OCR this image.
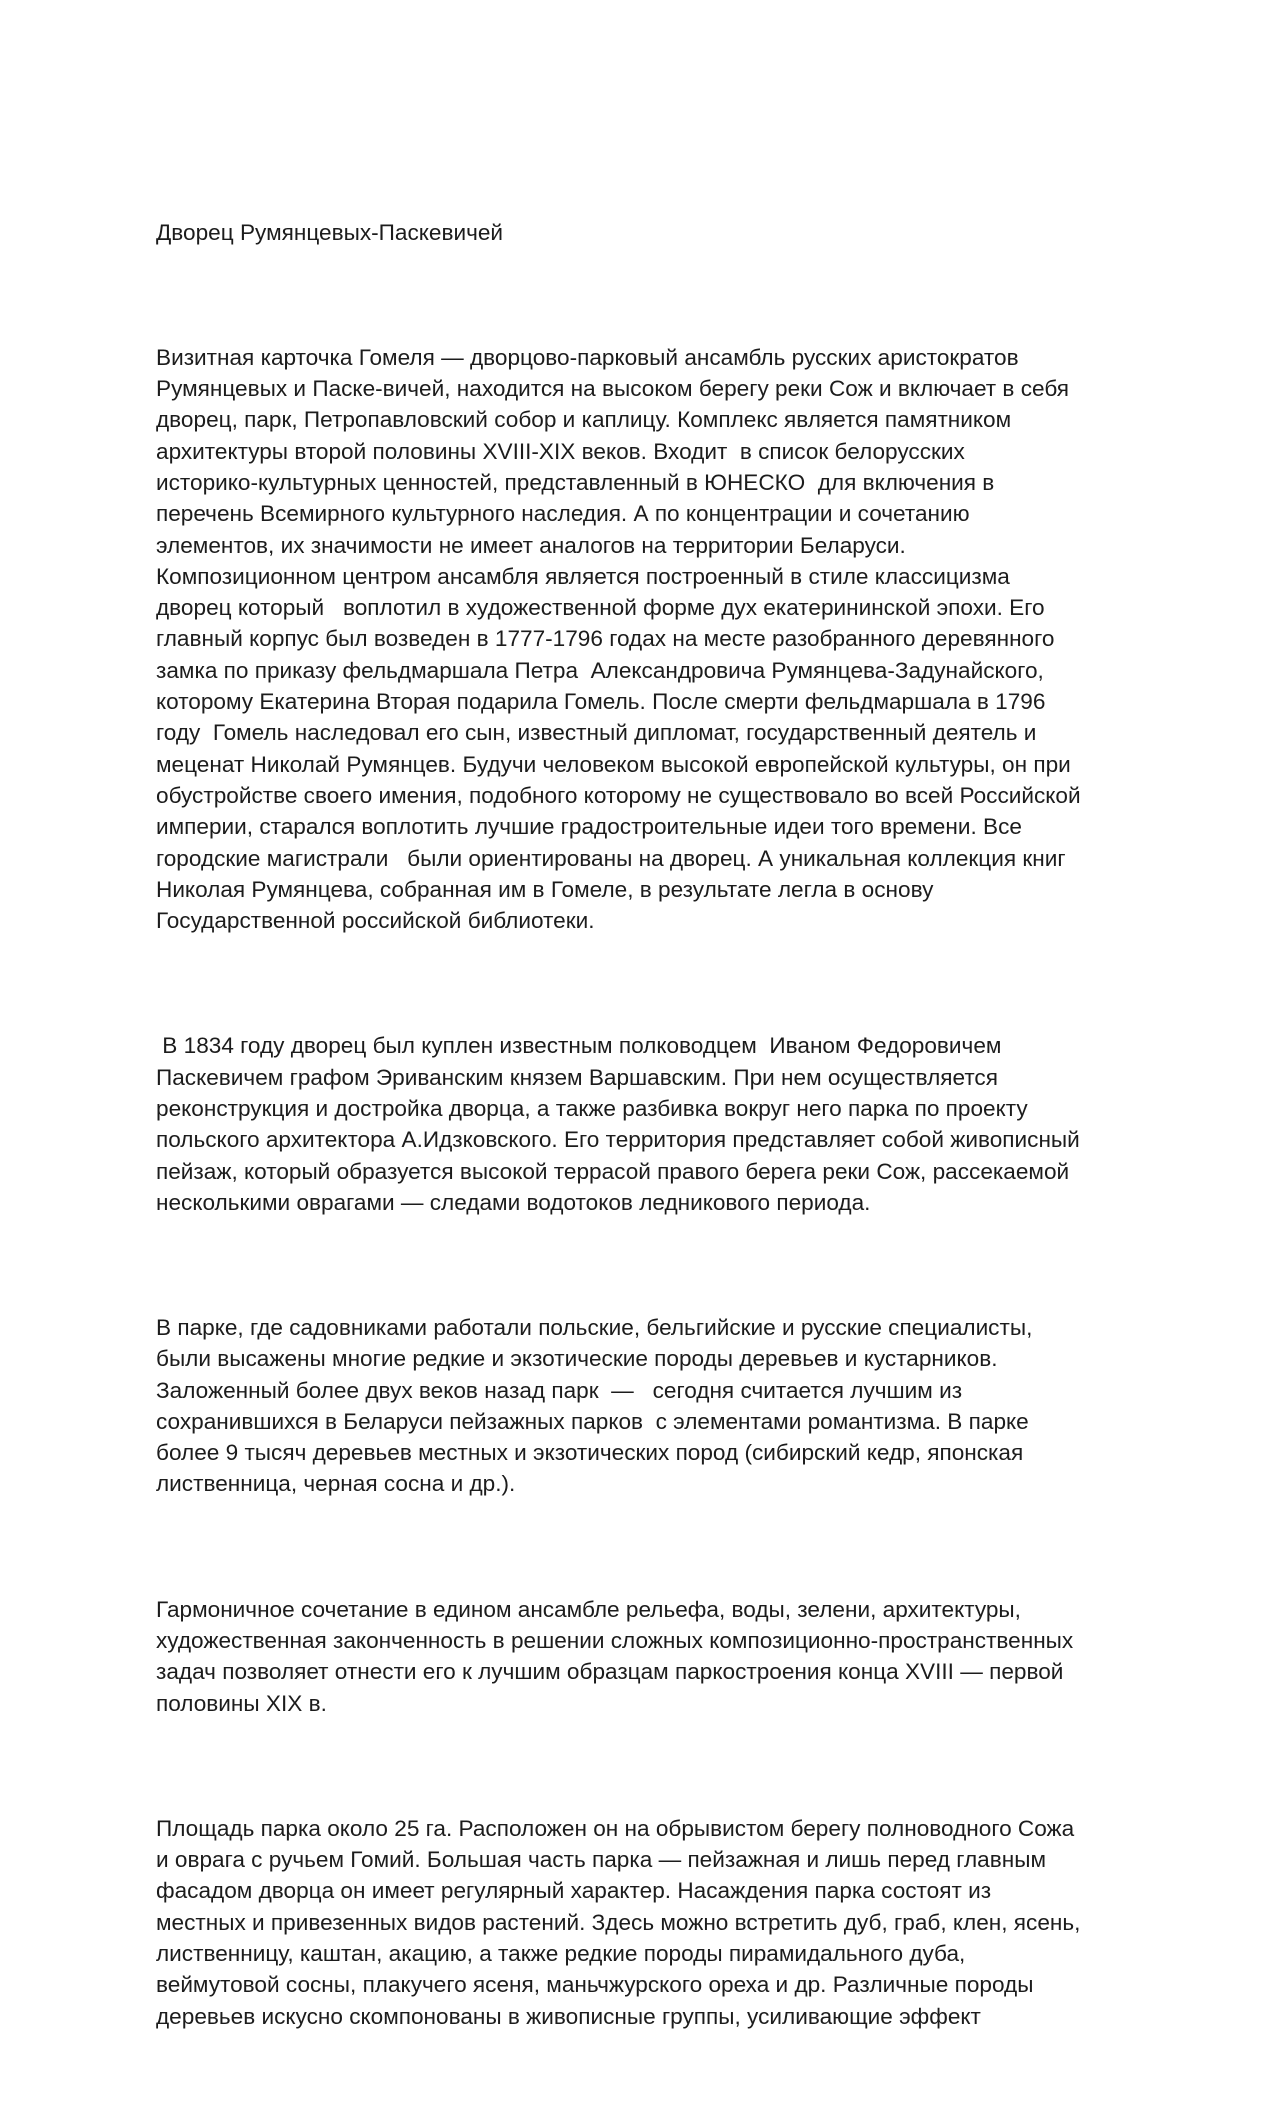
Дворец Румянцевых-Паскевичей

Визитная карточка Гомеля — дворцово-парковый ансамбль русских аристократов
Румянцевых и Паске-вичей, находится на высоком берегу реки Сож и включает в себя
дворец, парк, Петропавловский собор и каплицу. Комплекс является памятником
архитектуры второй половины XVIII-XIX веков. Входит  в список белорусских
историко-культурных ценностей, представленный в ЮНЕСКО  для включения в
перечень Всемирного культурного наследия. А по концентрации и сочетанию
элементов, их значимости не имеет аналогов на территории Беларуси.
Композиционном центром ансамбля является построенный в стиле классицизма
дворец который   воплотил в художественной форме дух екатерининской эпохи. Его
главный корпус был возведен в 1777-1796 годах на месте разобранного деревянного
замка по приказу фельдмаршала Петра  Александровича Румянцева-Задунайского,
которому Екатерина Вторая подарила Гомель. После смерти фельдмаршала в 1796
году  Гомель наследовал его сын, известный дипломат, государственный деятель и
меценат Николай Румянцев. Будучи человеком высокой европейской культуры, он при
обустройстве своего имения, подобного которому не существовало во всей Российской
империи, старался воплотить лучшие градостроительные идеи того времени. Все
городские магистрали   были ориентированы на дворец. А уникальная коллекция книг
Николая Румянцева, собранная им в Гомеле, в результате легла в основу
Государственной российской библиотеки.

В 1834 году дворец был куплен известным полководцем  Иваном Федоровичем
Паскевичем графом Эриванским князем Варшавским. При нем осуществляется
реконструкция и достройка дворца, а также разбивка вокруг него парка по проекту
польского архитектора А.Идзковского. Его территория представляет собой живописный
пейзаж, который образуется высокой террасой правого берега реки Сож, рассекаемой
несколькими оврагами — следами водотоков ледникового периода.

В парке, где садовниками работали польские, бельгийские и русские специалисты,
были высажены многие редкие и экзотические породы деревьев и кустарников.
Заложенный более двух веков назад парк  —   сегодня считается лучшим из
сохранившихся в Беларуси пейзажных парков  с элементами романтизма. В парке
более 9 тысяч деревьев местных и экзотических пород (сибирский кедр, японская
лиственница, черная сосна и др.).

Гармоничное сочетание в едином ансамбле рельефа, воды, зелени, архитектуры,
художественная законченность в решении сложных композиционно-пространственных
задач позволяет отнести его к лучшим образцам паркостроения конца XVIII — первой
половины XIX в.

Площадь парка около 25 га. Расположен он на обрывистом берегу полноводного Сожа
и оврага с ручьем Гомий. Большая часть парка — пейзажная и лишь перед главным
фасадом дворца он имеет регулярный характер. Насаждения парка состоят из
местных и привезенных видов растений. Здесь можно встретить дуб, граб, клен, ясень,
лиственницу, каштан, акацию, а также редкие породы пирамидального дуба,
веймутовой сосны, плакучего ясеня, маньчжурского ореха и др. Различные породы
деревьев искусно скомпонованы в живописные группы, усиливающие эффект
